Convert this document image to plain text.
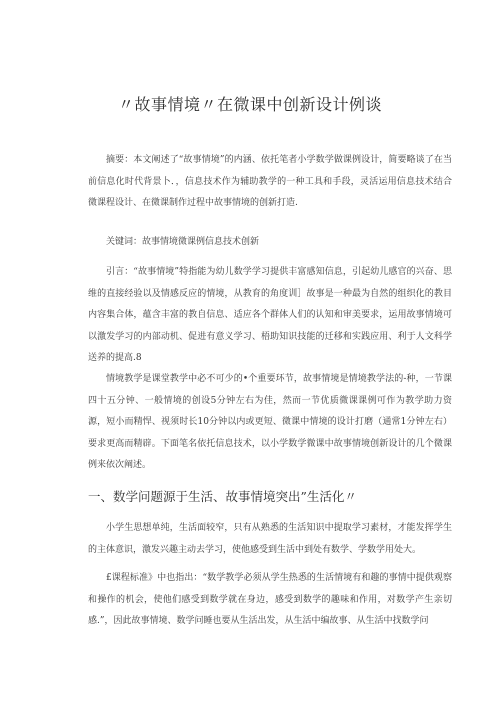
〃故事情境〃在微课中创新设计例谈

摘要：本文阐述了“故事情境”的内涵、依托笔者小学数学做课例设计，简要略谈了在当前信息化时代背景卜．，信息技术作为辅助教学的一种工具和手段，灵活运用信息技术结合微课程设计、在微课制作过程中故事情境的创新打造.

关键词：故事情境微课例信息技术创新

引言：“故事情境”特指能为幼儿数学学习提供丰富感知信息，引起幼儿感官的兴奋、思维的直接经验以及情感反应的情境，从教育的角度训］故事是一种最为自然的组织化的教目内容集合体，蕴含丰富的教自信息、适应各个群体人们的认知和审美要求，运用故事情境可以激发学习的内部动机、促进有意义学习、梧助知识技能的迁移和实践应用、利于人文科学送养的提高.8

情境教学是课堂教学中必不可少的•个重要环节，故事情境是情境教学法的-种，一节课四十五分钟、一般情境的创设5分钟左右为佳，然而一节优质微课课例可作为教学助力资源，短小而精悍、视须时长10分钟以内或更短、微课中情境的设计打磨（通常1分钟左右）要求更高而精辟。下面笔名依托信息技术，以小学数学微课中故事情境创新设计的几个微课例来依次阐述。

一、数学问题源于生活、故事情境突出”生活化〃

小学生思想单纯，生活面较窄，只有从熟悉的生活知识中提取学习素材，才能发挥学生的主体意识，激发兴趣主动去学习，使他感受到生活中到处有数学、学数学用处大。

£课程标准》中也指出：“数学教学必须从学生热悉的生活情境有和趣的事情中提供观察和操作的机会，使他们感受到数学就在身边，感受到数学的趣味和作用，对数学产生亲切感.”，因此故事情境、数学问睡也要从生活出发，从生活中编故事、从生活中找数学问
